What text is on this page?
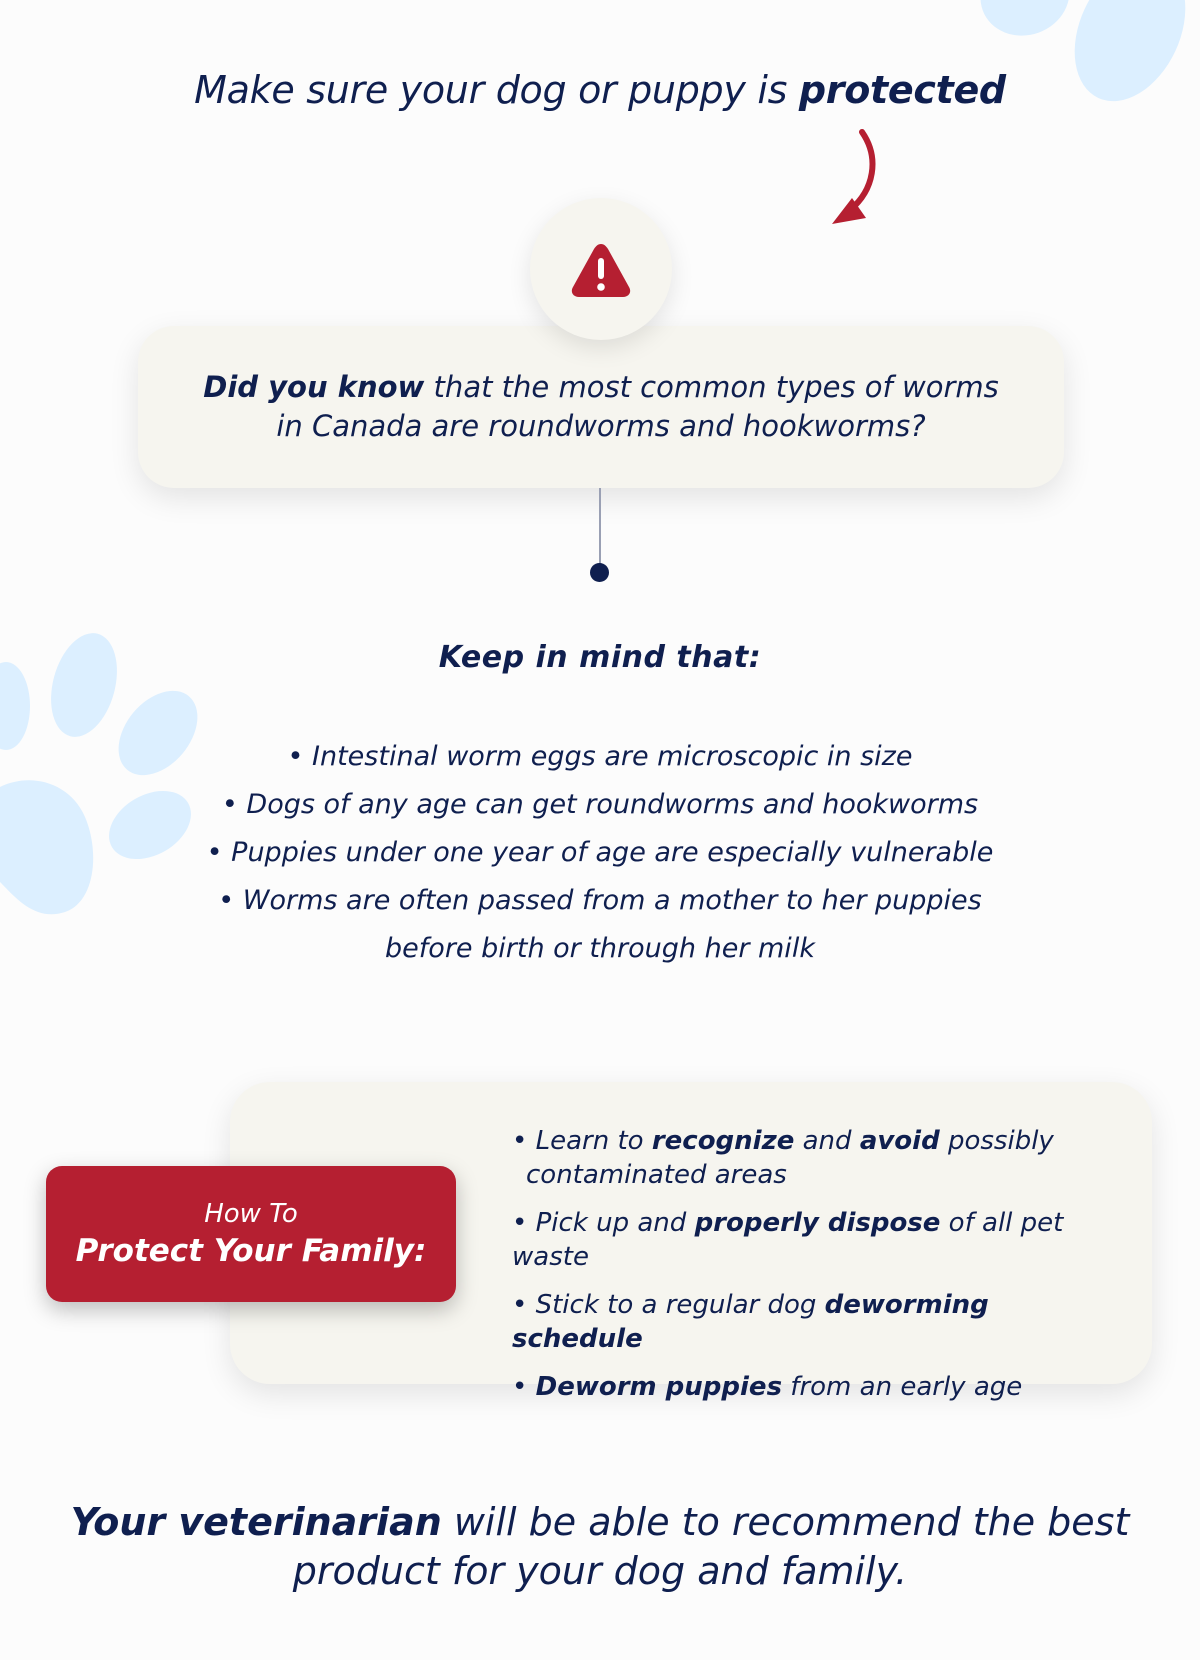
Make sure your dog or puppy is protected
Did you know that the most common types of worms
in Canada are roundworms and hookworms?
Keep in mind that:
• Intestinal worm eggs are microscopic in size
• Dogs of any age can get roundworms and hookworms
• Puppies under one year of age are especially vulnerable
• Worms are often passed from a mother to her puppies
before birth or through her milk
How To
Protect Your Family:
• Learn to recognize and avoid possibly
contaminated areas
• Pick up and properly dispose of all pet waste
• Stick to a regular dog deworming schedule
• Deworm puppies from an early age
Your veterinarian will be able to recommend the best
product for your dog and family.
